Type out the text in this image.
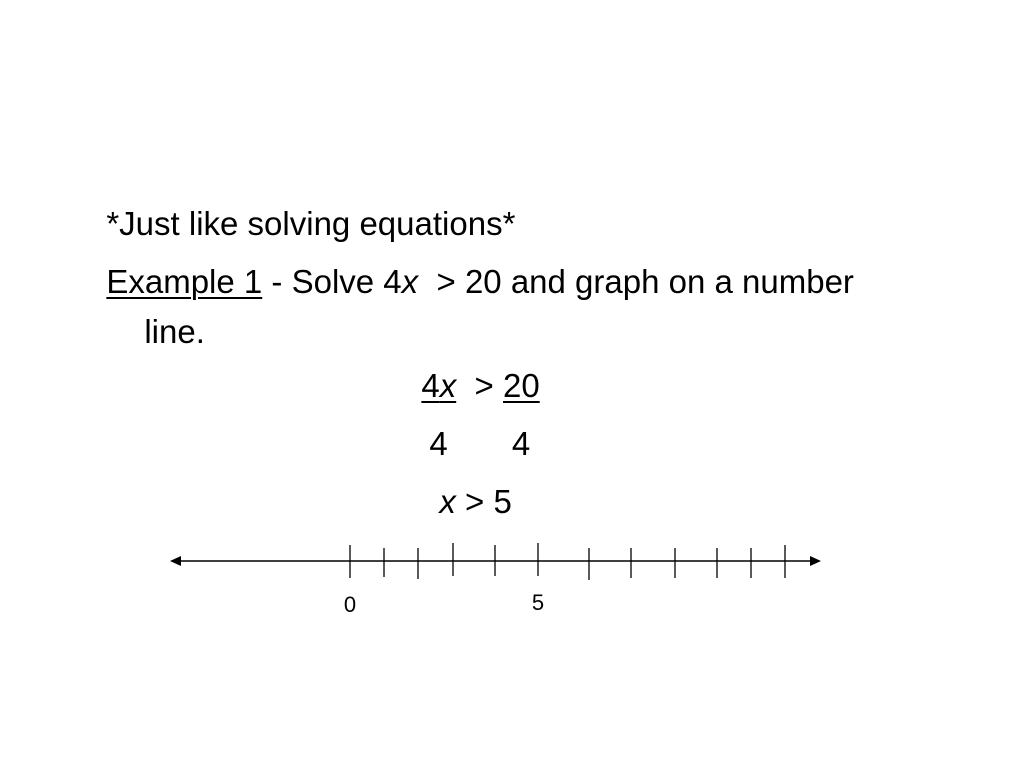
*Just like solving equations*

Example 1 - Solve 4x  > 20 and graph on a number

line.

4x  > 20

4 4

x > 5

0	5
